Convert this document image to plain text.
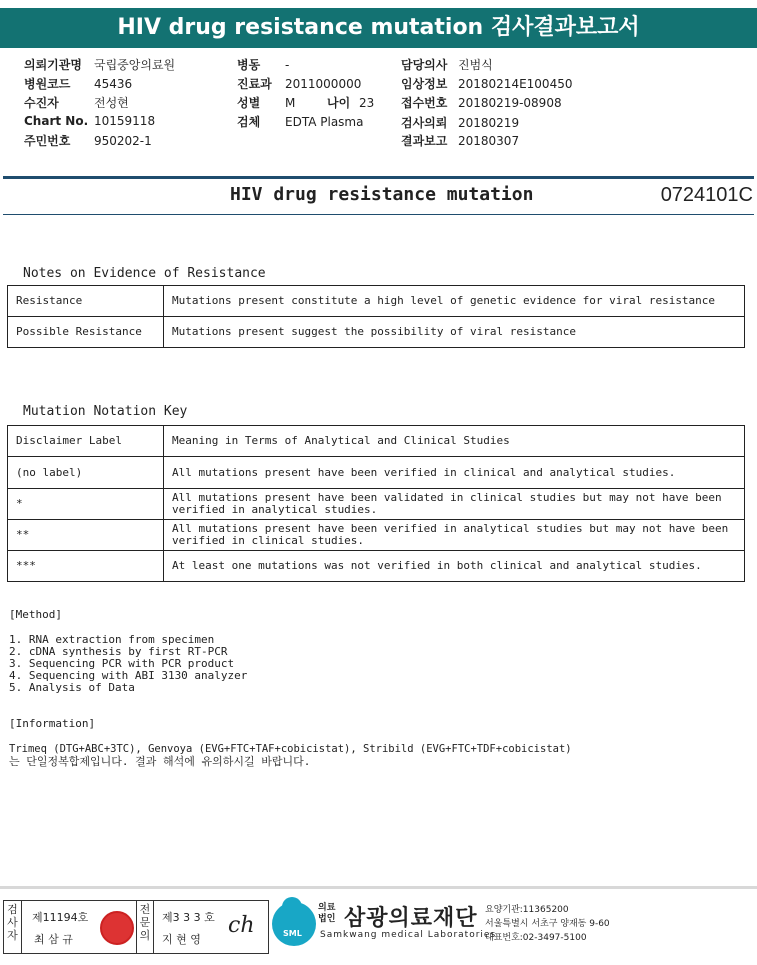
HIV drug resistance mutation 검사결과보고서
의뢰기관명 국립중앙의료원
병원코드 45436
수진자	전성현
Chart No. 10159118
주민번호 950202-1
병동 -
진료과 2011000000
성별 M	나이 23
검체 EDTA Plasma
담당의사 진범식
임상정보 20180214E100450
접수번호 20180219-08908
검사의뢰 20180219
결과보고 20180307
HIV drug resistance mutation	0724101C
Notes on Evidence of Resistance
Resistance	Mutations present constitute a high level of genetic evidence for viral resistance
Possible Resistance	Mutations present suggest the possibility of viral resistance
Mutation Notation Key
Disclaimer Label	Meaning in Terms of Analytical and Clinical Studies
(no label)	All mutations present have been verified in clinical and analytical studies.
*	All mutations present have been validated in clinical studies but may not have been verified in analytical studies.
**	All mutations present have been verified in analytical studies but may not have been verified in clinical studies.
***	At least one mutations was not verified in both clinical and analytical studies.
[Method]
1. RNA extraction from specimen
2. cDNA synthesis by first RT-PCR
3. Sequencing PCR with PCR product
4. Sequencing with ABI 3130 analyzer
5. Analysis of Data
[Information]
Trimeq (DTG+ABC+3TC), Genvoya (EVG+FTC+TAF+cobicistat), Stribild (EVG+FTC+TDF+cobicistat)
는 단일정복합제입니다. 결과 해석에 유의하시길 바랍니다.
검사자
제11194호
최 삼 규
전문의
제3 3 3 호
지 현 영
ch	SML
의료법인 삼광의료재단
Samkwang medical Laboratories
요양기관:11365200
서울특별시 서초구 양재동 9-60
대표번호:02-3497-5100
